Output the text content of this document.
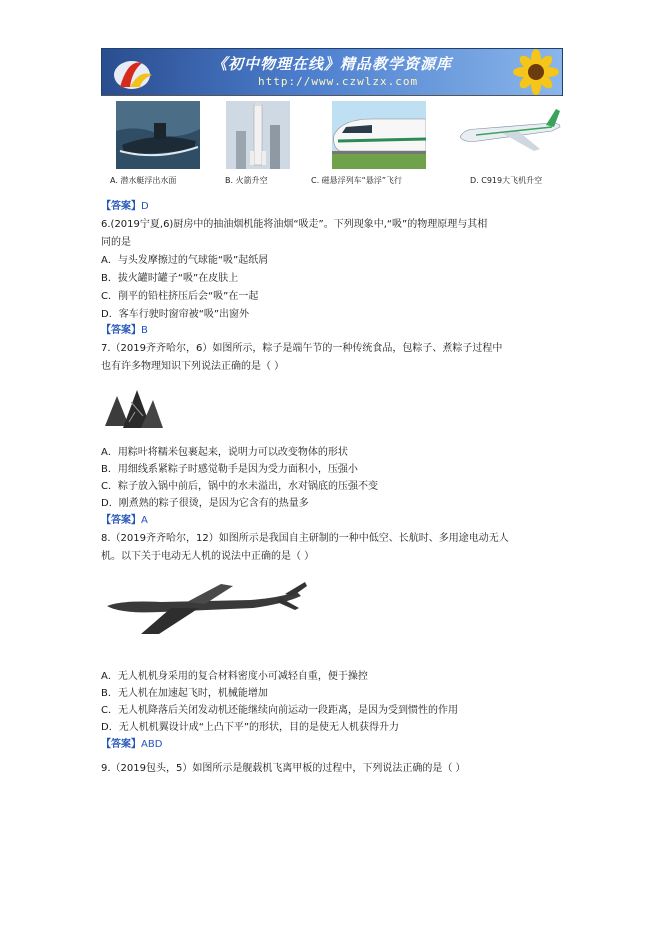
《初中物理在线》精品教学资源库
http://www.czwlzx.com
A. 潜水艇浮出水面	B. 火箭升空	C. 磁悬浮列车“悬浮”飞行	D. C919大飞机升空
【答案】D
6.(2019宁夏,6)厨房中的抽油烟机能将油烟“吸走”。下列现象中,“吸”的物理原理与其相
同的是
A．与头发摩擦过的气球能“吸”起纸屑
B．拔火罐时罐子“吸”在皮肤上
C．削平的铅柱挤压后会“吸”在一起
D．客车行驶时窗帘被“吸”出窗外
【答案】B
7.（2019齐齐哈尔，6）如图所示，粽子是端午节的一种传统食品，包粽子、煮粽子过程中
也有许多物理知识下列说法正确的是（ ）
A．用粽叶将糯米包裹起来，说明力可以改变物体的形状
B．用细线系紧粽子时感觉勒手是因为受力面积小，压强小
C．粽子放入锅中前后，锅中的水未溢出，水对锅底的压强不变
D．刚煮熟的粽子很烫，是因为它含有的热量多
【答案】A
8.（2019齐齐哈尔，12）如图所示是我国自主研制的一种中低空、长航时、多用途电动无人
机。以下关于电动无人机的说法中正确的是（ ）
A．无人机机身采用的复合材料密度小可减轻自重，便于操控
B．无人机在加速起飞时，机械能增加
C．无人机降落后关闭发动机还能继续向前运动一段距离，是因为受到惯性的作用
D．无人机机翼设计成“上凸下平”的形状，目的是使无人机获得升力
【答案】ABD
9.（2019包头，5）如图所示是舰载机飞离甲板的过程中，下列说法正确的是（ ）
